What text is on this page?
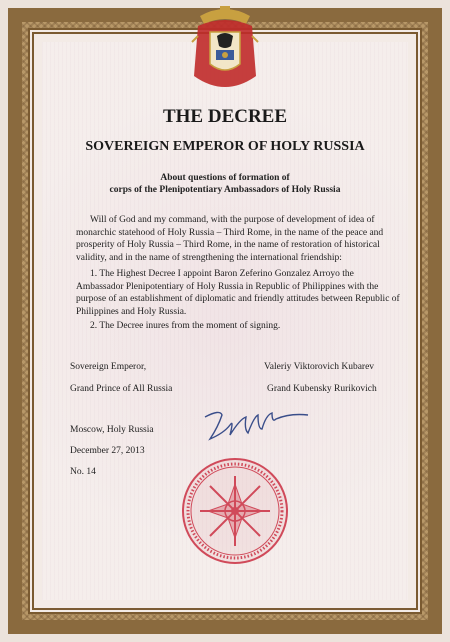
THE DECREE
SOVEREIGN EMPEROR OF HOLY RUSSIA
About questions of formation of
corps of the Plenipotentiary Ambassadors of Holy Russia
Will of God and my command, with the purpose of development of idea of
monarchic statehood of Holy Russia – Third Rome, in the name of the peace and
prosperity of Holy Russia – Third Rome, in the name of restoration of historical
validity, and in the name of strengthening the international friendship:
1. The Highest Decree I appoint Baron Zeferino Gonzalez Arroyo the
Ambassador Plenipotentiary of Holy Russia in Republic of Philippines with the
purpose of an establishment of diplomatic and friendly attitudes between Republic of
Philippines and Holy Russia.
2. The Decree inures from the moment of signing.
Sovereign Emperor,
Grand Prince of All Russia
Valeriy Viktorovich Kubarev
Grand Kubensky Rurikovich
Moscow, Holy Russia
December 27, 2013
No. 14
